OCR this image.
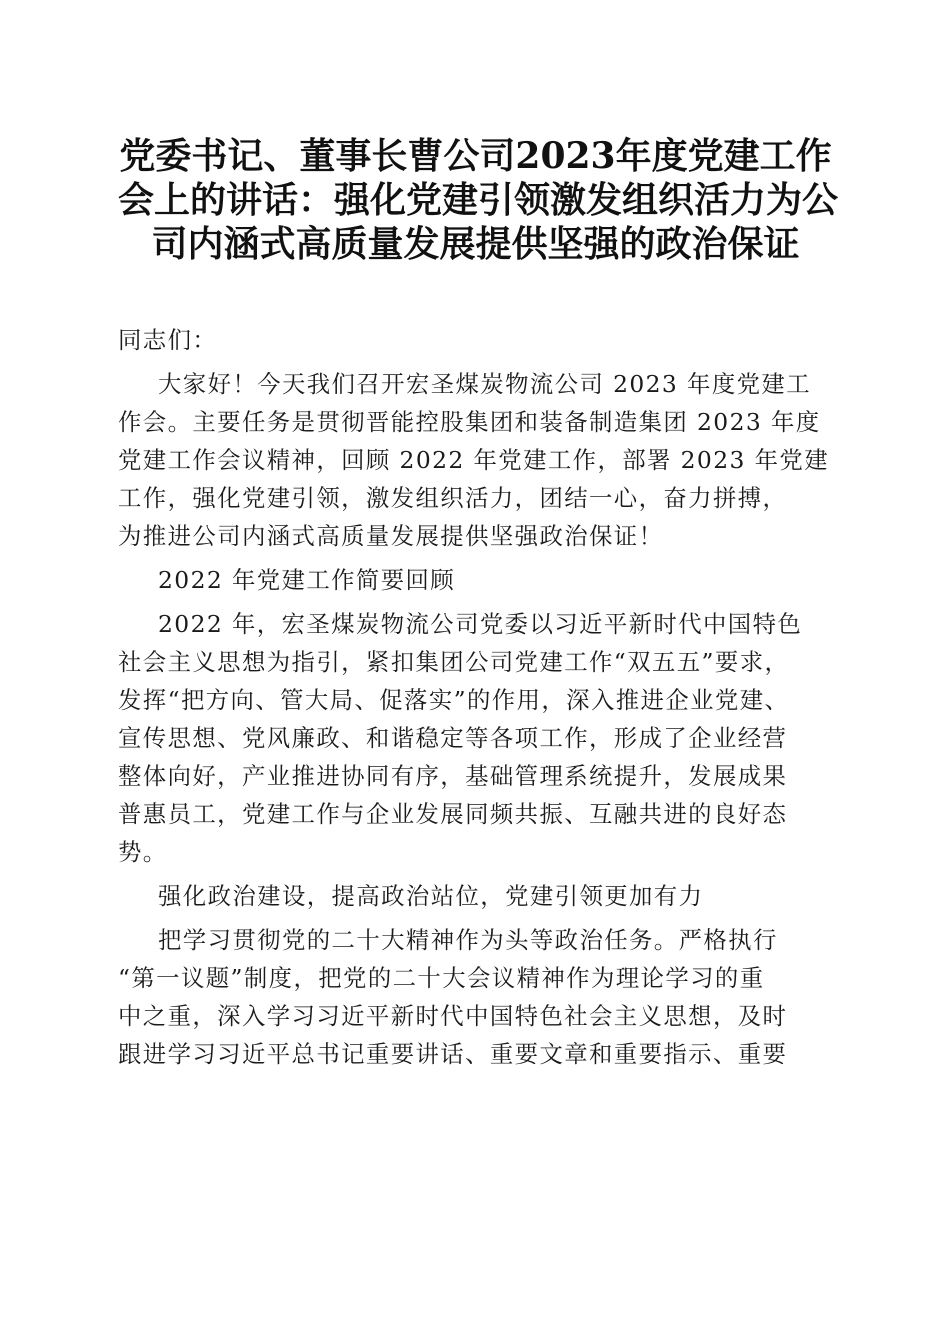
党委书记、董事长曹公司2023年度党建工作
会上的讲话：强化党建引领激发组织活力为公
司内涵式高质量发展提供坚强的政治保证
同志们：
大家好！今天我们召开宏圣煤炭物流公司 2023 年度党建工
作会。主要任务是贯彻晋能控股集团和装备制造集团 2023 年度
党建工作会议精神，回顾 2022 年党建工作，部署 2023 年党建
工作，强化党建引领，激发组织活力，团结一心，奋力拼搏，
为推进公司内涵式高质量发展提供坚强政治保证！
2022 年党建工作简要回顾
2022 年，宏圣煤炭物流公司党委以习近平新时代中国特色
社会主义思想为指引，紧扣集团公司党建工作“双五五”要求，
发挥“把方向、管大局、促落实”的作用，深入推进企业党建、
宣传思想、党风廉政、和谐稳定等各项工作，形成了企业经营
整体向好，产业推进协同有序，基础管理系统提升，发展成果
普惠员工，党建工作与企业发展同频共振、互融共进的良好态
势。
强化政治建设，提高政治站位，党建引领更加有力
把学习贯彻党的二十大精神作为头等政治任务。严格执行
“第一议题”制度，把党的二十大会议精神作为理论学习的重
中之重，深入学习习近平新时代中国特色社会主义思想，及时
跟进学习习近平总书记重要讲话、重要文章和重要指示、重要
